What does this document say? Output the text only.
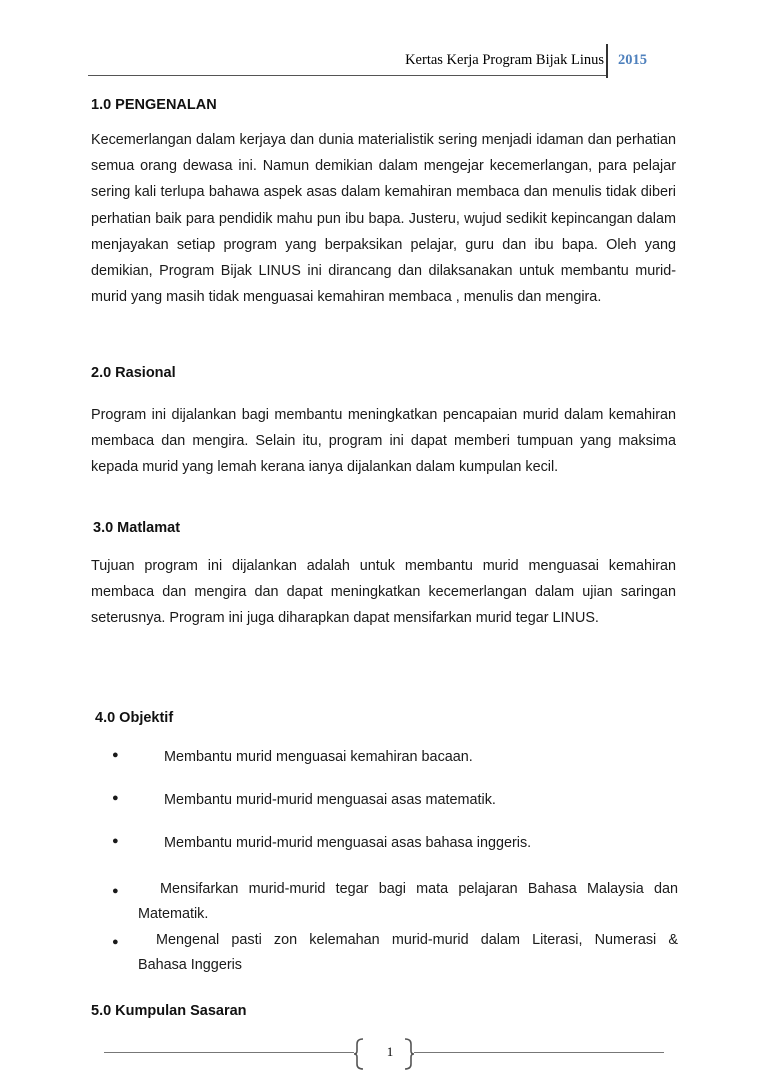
Kertas Kerja Program Bijak Linus 2015
1.0 PENGENALAN
Kecemerlangan dalam kerjaya dan dunia materialistik sering menjadi idaman dan perhatian semua orang dewasa ini. Namun demikian dalam mengejar kecemerlangan, para pelajar sering kali terlupa bahawa aspek asas dalam kemahiran membaca dan menulis tidak diberi perhatian baik para pendidik mahu pun ibu bapa. Justeru, wujud sedikit kepincangan dalam menjayakan setiap program yang berpaksikan pelajar, guru dan ibu bapa. Oleh yang demikian, Program Bijak LINUS ini dirancang dan dilaksanakan untuk membantu murid-murid yang masih tidak menguasai kemahiran membaca , menulis dan mengira.
2.0 Rasional
Program ini dijalankan bagi membantu meningkatkan pencapaian murid dalam kemahiran membaca dan mengira. Selain itu, program ini dapat memberi tumpuan yang maksima kepada murid yang lemah kerana ianya dijalankan dalam kumpulan kecil.
3.0 Matlamat
Tujuan program ini dijalankan adalah untuk membantu murid menguasai kemahiran membaca dan mengira dan dapat meningkatkan kecemerlangan dalam ujian saringan seterusnya. Program ini juga diharapkan dapat mensifarkan murid tegar LINUS.
4.0 Objektif
●	Membantu murid menguasai kemahiran bacaan.
●	Membantu murid-murid menguasai asas matematik.
●	Membantu murid-murid menguasai asas bahasa inggeris.
●	Mensifarkan murid-murid tegar bagi mata pelajaran Bahasa Malaysia dan
Matematik.
●	Mengenal pasti zon kelemahan murid-murid dalam Literasi, Numerasi &
Bahasa Inggeris
5.0 Kumpulan Sasaran
1
